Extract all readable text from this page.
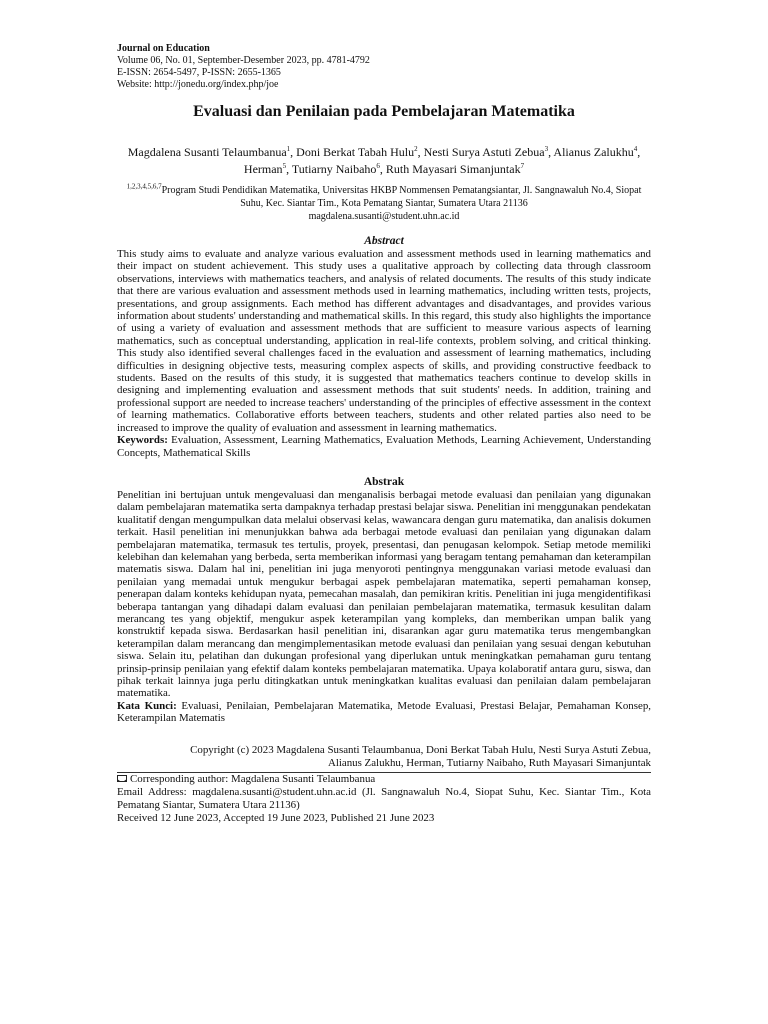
Journal on Education
Volume 06, No. 01, September-Desember 2023, pp. 4781-4792
E-ISSN: 2654-5497, P-ISSN: 2655-1365
Website: http://jonedu.org/index.php/joe
Evaluasi dan Penilaian pada Pembelajaran Matematika
Magdalena Susanti Telaumbanua$^1$, Doni Berkat Tabah Hulu$^2$, Nesti Surya Astuti Zebua$^3$, Alianus Zalukhu$^4$, Herman$^5$, Tutiarny Naibaho$^6$, Ruth Mayasari Simanjuntak$^7$
$^{1,2,3,4,5,6,7}$Program Studi Pendidikan Matematika, Universitas HKBP Nommensen Pematangsiantar, Jl. Sangnawaluh No.4, Siopat Suhu, Kec. Siantar Tim., Kota Pematang Siantar, Sumatera Utara 21136
magdalena.susanti@student.uhn.ac.id
Abstract
This study aims to evaluate and analyze various evaluation and assessment methods used in learning mathematics and their impact on student achievement. This study uses a qualitative approach by collecting data through classroom observations, interviews with mathematics teachers, and analysis of related documents. The results of this study indicate that there are various evaluation and assessment methods used in learning mathematics, including written tests, projects, presentations, and group assignments. Each method has different advantages and disadvantages, and provides various information about students' understanding and mathematical skills. In this regard, this study also highlights the importance of using a variety of evaluation and assessment methods that are sufficient to measure various aspects of learning mathematics, such as conceptual understanding, application in real-life contexts, problem solving, and critical thinking. This study also identified several challenges faced in the evaluation and assessment of learning mathematics, including difficulties in designing objective tests, measuring complex aspects of skills, and providing constructive feedback to students. Based on the results of this study, it is suggested that mathematics teachers continue to develop skills in designing and implementing evaluation and assessment methods that suit students' needs. In addition, training and professional support are needed to increase teachers' understanding of the principles of effective assessment in the context of learning mathematics. Collaborative efforts between teachers, students and other related parties also need to be increased to improve the quality of evaluation and assessment in learning mathematics.
Keywords: Evaluation, Assessment, Learning Mathematics, Evaluation Methods, Learning Achievement, Understanding Concepts, Mathematical Skills
Abstrak
Penelitian ini bertujuan untuk mengevaluasi dan menganalisis berbagai metode evaluasi dan penilaian yang digunakan dalam pembelajaran matematika serta dampaknya terhadap prestasi belajar siswa. Penelitian ini menggunakan pendekatan kualitatif dengan mengumpulkan data melalui observasi kelas, wawancara dengan guru matematika, dan analisis dokumen terkait. Hasil penelitian ini menunjukkan bahwa ada berbagai metode evaluasi dan penilaian yang digunakan dalam pembelajaran matematika, termasuk tes tertulis, proyek, presentasi, dan penugasan kelompok. Setiap metode memiliki kelebihan dan kelemahan yang berbeda, serta memberikan informasi yang beragam tentang pemahaman dan keterampilan matematis siswa. Dalam hal ini, penelitian ini juga menyoroti pentingnya menggunakan variasi metode evaluasi dan penilaian yang memadai untuk mengukur berbagai aspek pembelajaran matematika, seperti pemahaman konsep, penerapan dalam konteks kehidupan nyata, pemecahan masalah, dan pemikiran kritis. Penelitian ini juga mengidentifikasi beberapa tantangan yang dihadapi dalam evaluasi dan penilaian pembelajaran matematika, termasuk kesulitan dalam merancang tes yang objektif, mengukur aspek keterampilan yang kompleks, dan memberikan umpan balik yang konstruktif kepada siswa. Berdasarkan hasil penelitian ini, disarankan agar guru matematika terus mengembangkan keterampilan dalam merancang dan mengimplementasikan metode evaluasi dan penilaian yang sesuai dengan kebutuhan siswa. Selain itu, pelatihan dan dukungan profesional yang diperlukan untuk meningkatkan pemahaman guru tentang prinsip-prinsip penilaian yang efektif dalam konteks pembelajaran matematika. Upaya kolaboratif antara guru, siswa, dan pihak terkait lainnya juga perlu ditingkatkan untuk meningkatkan kualitas evaluasi dan penilaian dalam pembelajaran matematika.
Kata Kunci: Evaluasi, Penilaian, Pembelajaran Matematika, Metode Evaluasi, Prestasi Belajar, Pemahaman Konsep, Keterampilan Matematis
Copyright (c) 2023 Magdalena Susanti Telaumbanua, Doni Berkat Tabah Hulu, Nesti Surya Astuti Zebua,
Alianus Zalukhu, Herman, Tutiarny Naibaho, Ruth Mayasari Simanjuntak
Corresponding author: Magdalena Susanti Telaumbanua
Email Address: magdalena.susanti@student.uhn.ac.id (Jl. Sangnawaluh No.4, Siopat Suhu, Kec. Siantar Tim., Kota Pematang Siantar, Sumatera Utara 21136)
Received 12 June 2023, Accepted 19 June 2023, Published 21 June 2023
